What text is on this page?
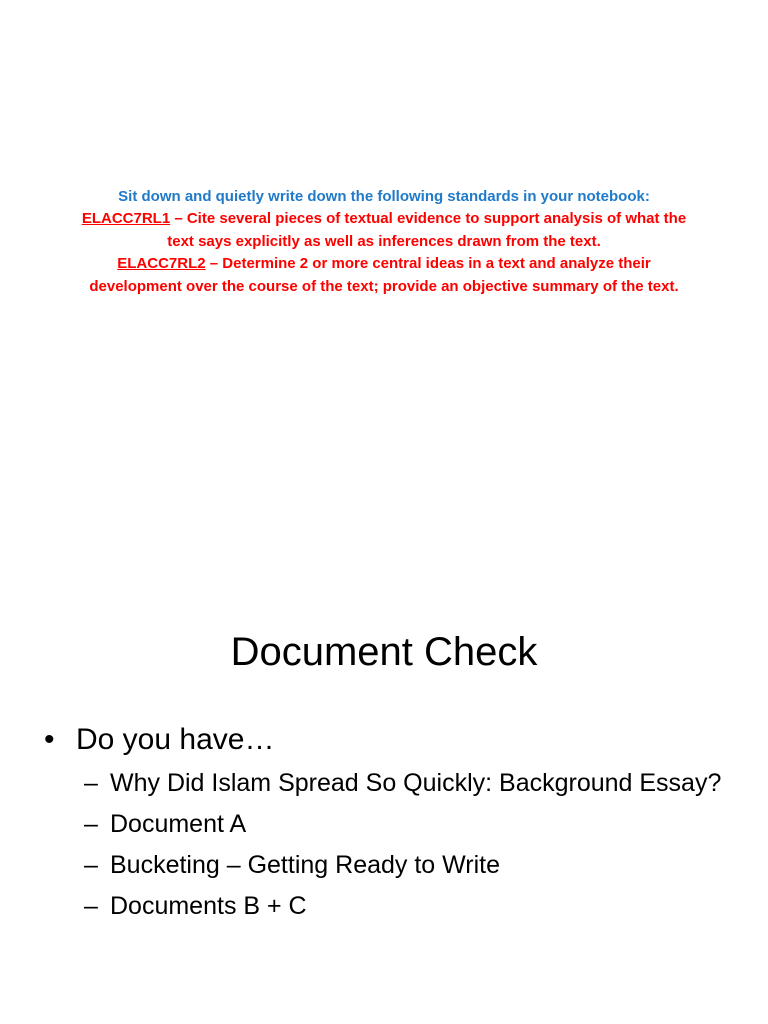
Sit down and quietly write down the following standards in your notebook:
ELACC7RL1 – Cite several pieces of textual evidence to support analysis of what the
text says explicitly as well as inferences drawn from the text.
ELACC7RL2 – Determine 2 or more central ideas in a text and analyze their
development over the course of the text; provide an objective summary of the text.
Document Check
• Do you have…
– Why Did Islam Spread So Quickly: Background Essay?
– Document A
– Bucketing – Getting Ready to Write
– Documents B + C
